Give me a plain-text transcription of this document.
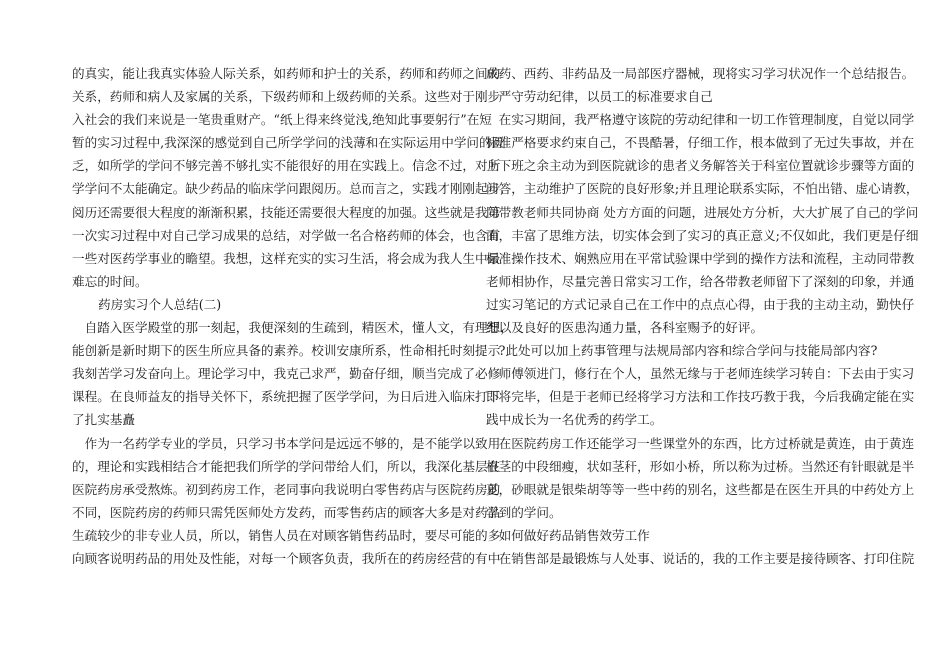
的真实，能让我真实体验人际关系，如药师和护士的关系，药师和药师之间的
关系，药师和病人及家属的关系，下级药师和上级药师的关系。这些对于刚步
入社会的我们来说是一笔贵重财产。“纸上得来终觉浅,绝知此事要躬行”在短
暂的实习过程中,我深深的感觉到自己所学学问的浅薄和在实际运用中学问的匮
乏，如所学的学问不够完善不够扎实不能很好的用在实践上。信念不过，对所
学学问不太能确定。缺少药品的临床学问跟阅历。总而言之，实践才刚刚起步,
阅历还需要很大程度的渐渐积累，技能还需要很大程度的加强。这些就是我第
一次实习过程中对自己学习成果的总结，对学做一名合格药师的体会，也含有
一些对医药学事业的瞻望。我想，这样充实的实习生活，将会成为我人生中最
难忘的时间。
药房实习个人总结(二)
　自踏入医学殿堂的那一刻起，我便深刻的生疏到，精医术，懂人文，有理想，
能创新是新时期下的医生所应具备的素养。校训安康所系，性命相托时刻提示
我刻苦学习发奋向上。理论学习中，我克己求严，勤奋仔细，顺当完成了必修
课程。在良师益友的指导关怀下，系统把握了医学学问，为日后进入临床打下
了扎实基矗
　作为一名药学专业的学员，只学习书本学问是远远不够的，是不能学以致用
的，理论和实践相结合才能把我们所学的学问带给人们，所以，我深化基层在
医院药房承受熬炼。初到药房工作，老同事向我说明白零售药店与医院药房的
不同，医院药房的药师只需凭医师处方发药，而零售药店的顾客大多是对药品
生疏较少的非专业人员，所以，销售人员在对顾客销售药品时，要尽可能的多
向顾客说明药品的用处及性能，对每一个顾客负责，我所在的药房经营的有中
成药、西药、非药品及一局部医疗器械，现将实习学习状况作一个总结报告。
　严守劳动纪律，以员工的标准要求自己
　在实习期间，我严格遵守该院的劳动纪律和一切工作管理制度，自觉以同学
标准严格要求约束自己，不畏酷暑，仔细工作，根本做到了无过失事故，并在
上下班之余主动为到医院就诊的患者义务解答关于科室位置就诊步骤等方面的
问答，主动维护了医院的良好形象;并且理论联系实际，不怕出错、虚心请教，
同带教老师共同协商 处方方面的问题，进展处方分析，大大扩展了自己的学问
面，丰富了思维方法，切实体会到了实习的真正意义;不仅如此，我们更是仔细
标准操作技术、娴熟应用在平常试验课中学到的操作方法和流程，主动同带教
老师相协作，尽量完善日常实习工作，给各带教老师留下了深刻的印象，并通
过实习笔记的方式记录自己在工作中的点点心得，由于我的主动主动，勤快仔
细以及良好的医患沟通力量，各科室赐予的好评。
　?此处可以加上药事管理与法规局部内容和综合学问与技能局部内容?
　师傅领进门，修行在个人，虽然无缘与于老师连续学习转自：下去由于实习
即将完毕，但是于老师已经将学习方法和工作技巧教于我，今后我确定能在实
践中成长为一名优秀的药学工。
　在医院药房工作还能学习一些课堂外的东西，比方过桥就是黄连，由于黄连
根茎的中段细瘦，状如茎秆，形如小桥，所以称为过桥。当然还有针眼就是半
夏，砂眼就是银柴胡等等一些中药的别名，这些都是在医生开具的中药处方上
学到的学问。
　如何做好药品销售效劳工作
　在销售部是最锻炼与人处事、说话的，我的工作主要是接待顾客、打印住院
